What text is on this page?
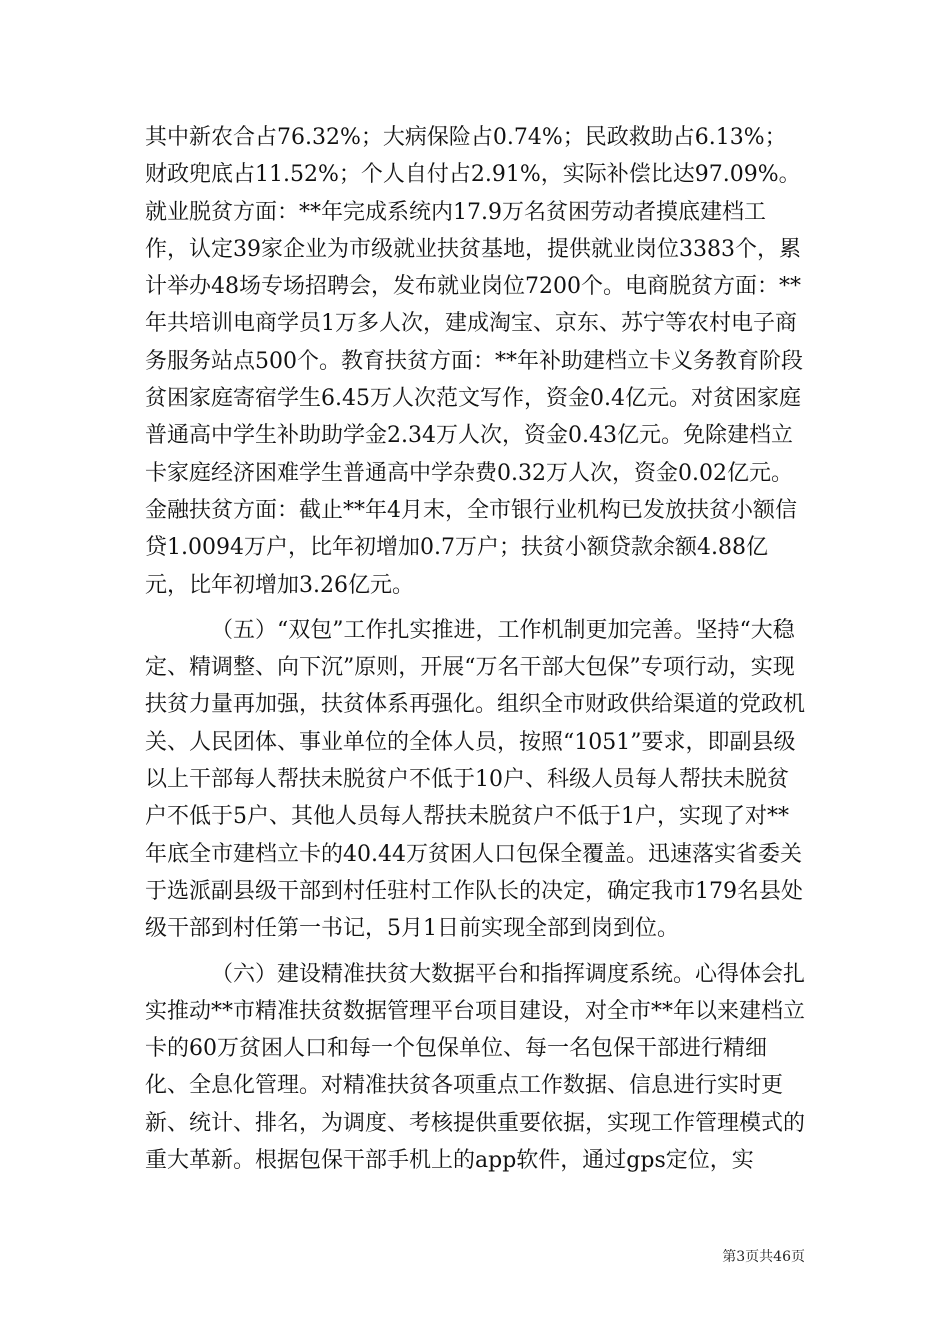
其中新农合占76.32%；大病保险占0.74%；民政救助占6.13%；财政兜底占11.52%；个人自付占2.91%，实际补偿比达97.09%。就业脱贫方面：**年完成系统内17.9万名贫困劳动者摸底建档工作，认定39家企业为市级就业扶贫基地，提供就业岗位3383个，累计举办48场专场招聘会，发布就业岗位7200个。电商脱贫方面：**年共培训电商学员1万多人次，建成淘宝、京东、苏宁等农村电子商务服务站点500个。教育扶贫方面：**年补助建档立卡义务教育阶段贫困家庭寄宿学生6.45万人次范文写作，资金0.4亿元。对贫困家庭普通高中学生补助助学金2.34万人次，资金0.43亿元。免除建档立卡家庭经济困难学生普通高中学杂费0.32万人次，资金0.02亿元。金融扶贫方面：截止**年4月末，全市银行业机构已发放扶贫小额信贷1.0094万户，比年初增加0.7万户；扶贫小额贷款余额4.88亿元，比年初增加3.26亿元。

（五）“双包”工作扎实推进，工作机制更加完善。坚持“大稳定、精调整、向下沉”原则，开展“万名干部大包保”专项行动，实现扶贫力量再加强，扶贫体系再强化。组织全市财政供给渠道的党政机关、人民团体、事业单位的全体人员，按照“1051”要求，即副县级以上干部每人帮扶未脱贫户不低于10户、科级人员每人帮扶未脱贫户不低于5户、其他人员每人帮扶未脱贫户不低于1户，实现了对**年底全市建档立卡的40.44万贫困人口包保全覆盖。迅速落实省委关于选派副县级干部到村任驻村工作队长的决定，确定我市179名县处级干部到村任第一书记，5月1日前实现全部到岗到位。

（六）建设精准扶贫大数据平台和指挥调度系统。心得体会扎实推动**市精准扶贫数据管理平台项目建设，对全市**年以来建档立卡的60万贫困人口和每一个包保单位、每一名包保干部进行精细化、全息化管理。对精准扶贫各项重点工作数据、信息进行实时更新、统计、排名，为调度、考核提供重要依据，实现工作管理模式的重大革新。根据包保干部手机上的app软件，通过gps定位，实

第3页共46页
